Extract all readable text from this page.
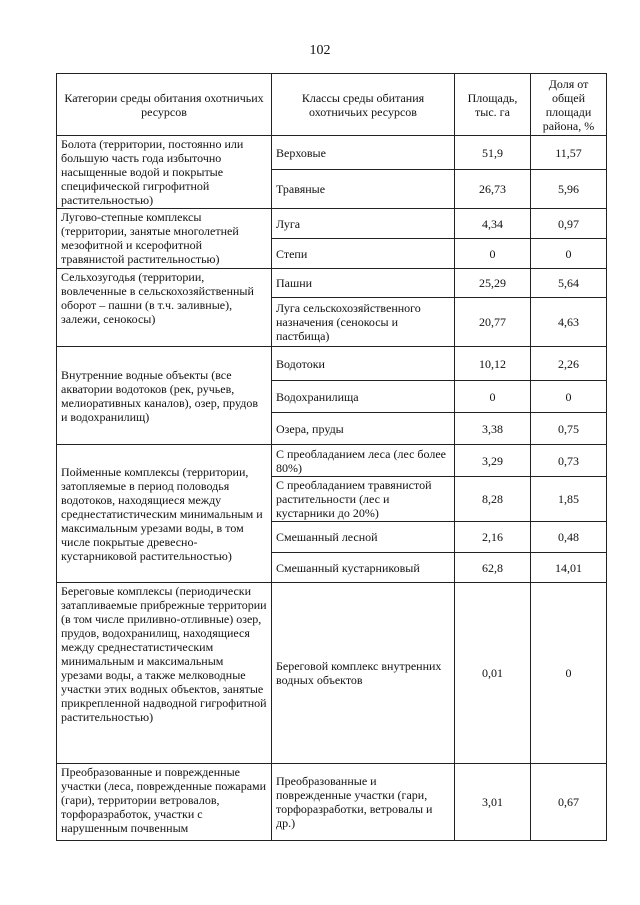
102
Категории среды обитания охотничьих ресурсов	Классы среды обитания охотничьих ресурсов	Площадь, тыс. га	Доля от общей площади района, %
Болота (территории, постоянно или большую часть года избыточно насыщенные водой и покрытые специфической гигрофитной растительностью)	Верховые	51,9	11,57
	Травяные	26,73	5,96
Лугово-степные комплексы (территории, занятые многолетней мезофитной и ксерофитной травянистой растительностью)	Луга	4,34	0,97
	Степи	0	0
Сельхозугодья (территории, вовлеченные в сельскохозяйственный оборот – пашни (в т.ч. заливные), залежи, сенокосы)	Пашни	25,29	5,64
	Луга сельскохозяйственного назначения (сенокосы и пастбища)	20,77	4,63
Внутренние водные объекты (все акватории водотоков (рек, ручьев, мелиоративных каналов), озер, прудов и водохранилищ)	Водотоки	10,12	2,26
	Водохранилища	0	0
	Озера, пруды	3,38	0,75
Пойменные комплексы (территории, затопляемые в период половодья водотоков, находящиеся между среднестатистическим минимальным и максимальным урезами воды, в том числе покрытые древесно-кустарниковой растительностью)	С преобладанием леса (лес более 80%)	3,29	0,73
	С преобладанием травянистой растительности (лес и кустарники до 20%)	8,28	1,85
	Смешанный лесной	2,16	0,48
	Смешанный кустарниковый	62,8	14,01
Береговые комплексы (периодически затапливаемые прибрежные территории (в том числе приливно-отливные) озер, прудов, водохранилищ, находящиеся между среднестатистическим минимальным и максимальным урезами воды, а также мелководные участки этих водных объектов, занятые прикрепленной надводной гигрофитной растительностью)	Береговой комплекс внутренних водных объектов	0,01	0
Преобразованные и поврежденные участки (леса, поврежденные пожарами (гари), территории ветровалов, торфоразработок, участки с нарушенным почвенным	Преобразованные и поврежденные участки (гари, торфоразработки, ветровалы и др.)	3,01	0,67
